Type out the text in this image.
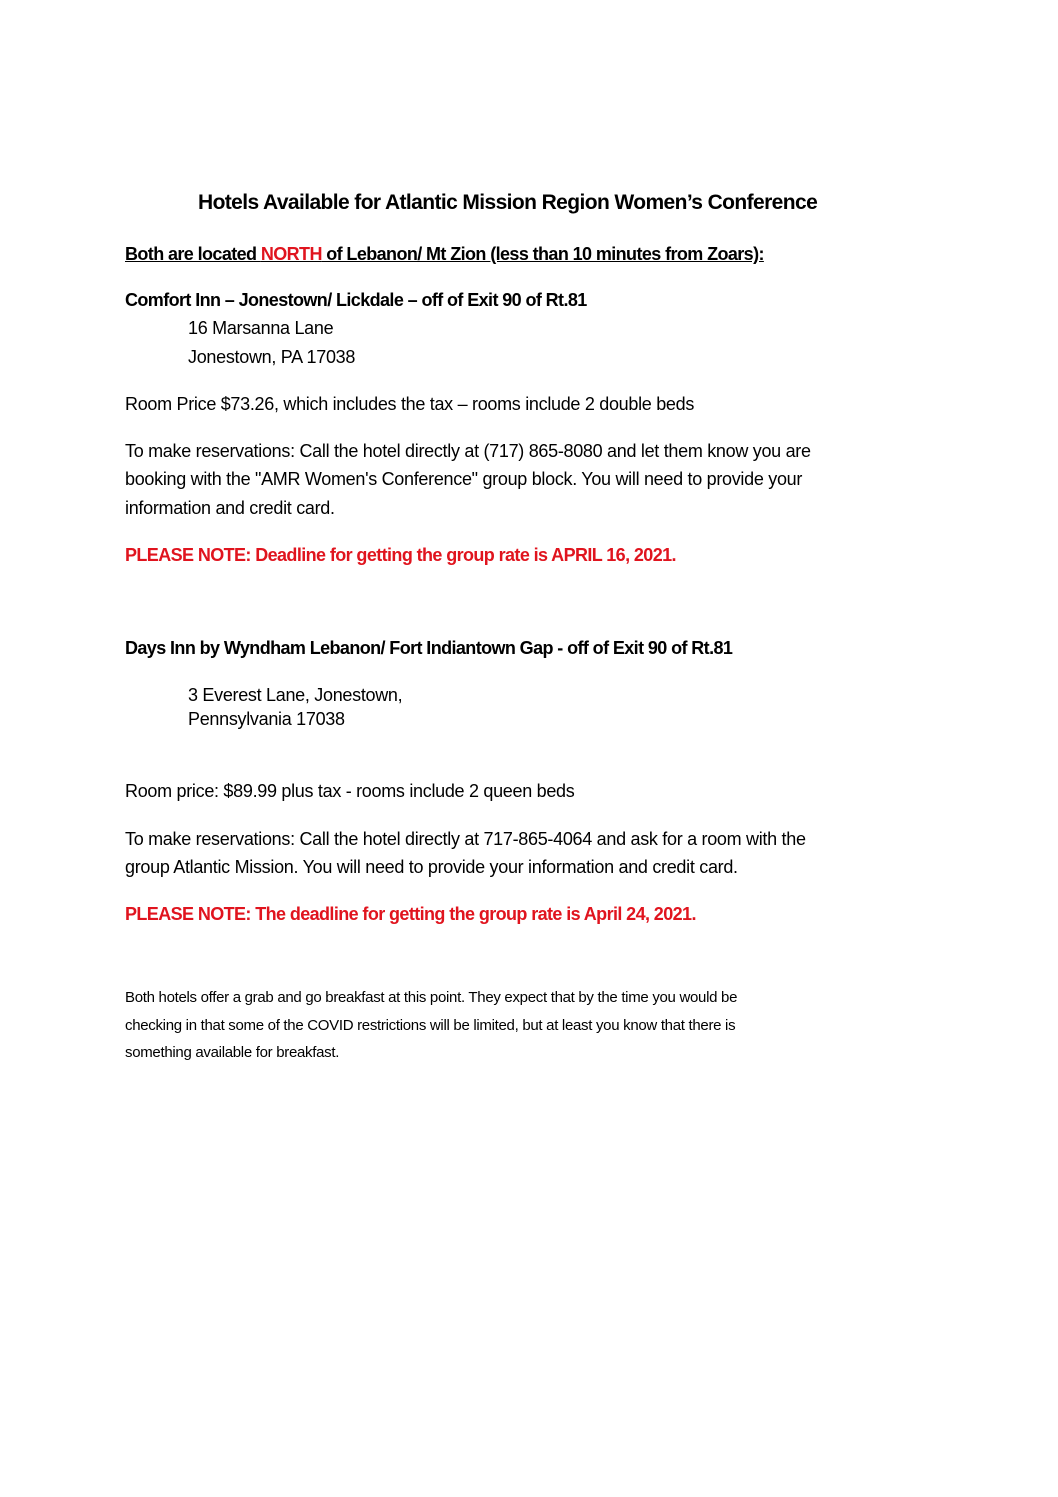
Hotels Available for Atlantic Mission Region Women’s Conference

Both are located NORTH of Lebanon/ Mt Zion (less than 10 minutes from Zoars):

Comfort Inn – Jonestown/ Lickdale – off of Exit 90 of Rt.81

16 Marsanna Lane

Jonestown, PA 17038

Room Price $73.26, which includes the tax – rooms include 2 double beds

To make reservations: Call the hotel directly at (717) 865-8080 and let them know you are

booking with the "AMR Women's Conference" group block. You will need to provide your

information and credit card.

PLEASE NOTE: Deadline for getting the group rate is APRIL 16, 2021.

Days Inn by Wyndham Lebanon/ Fort Indiantown Gap - off of Exit 90 of Rt.81

3 Everest Lane, Jonestown,

Pennsylvania 17038

Room price: $89.99 plus tax - rooms include 2 queen beds

To make reservations: Call the hotel directly at 717-865-4064 and ask for a room with the

group Atlantic Mission. You will need to provide your information and credit card.

PLEASE NOTE: The deadline for getting the group rate is April 24, 2021.

Both hotels offer a grab and go breakfast at this point. They expect that by the time you would be

checking in that some of the COVID restrictions will be limited, but at least you know that there is

something available for breakfast.
